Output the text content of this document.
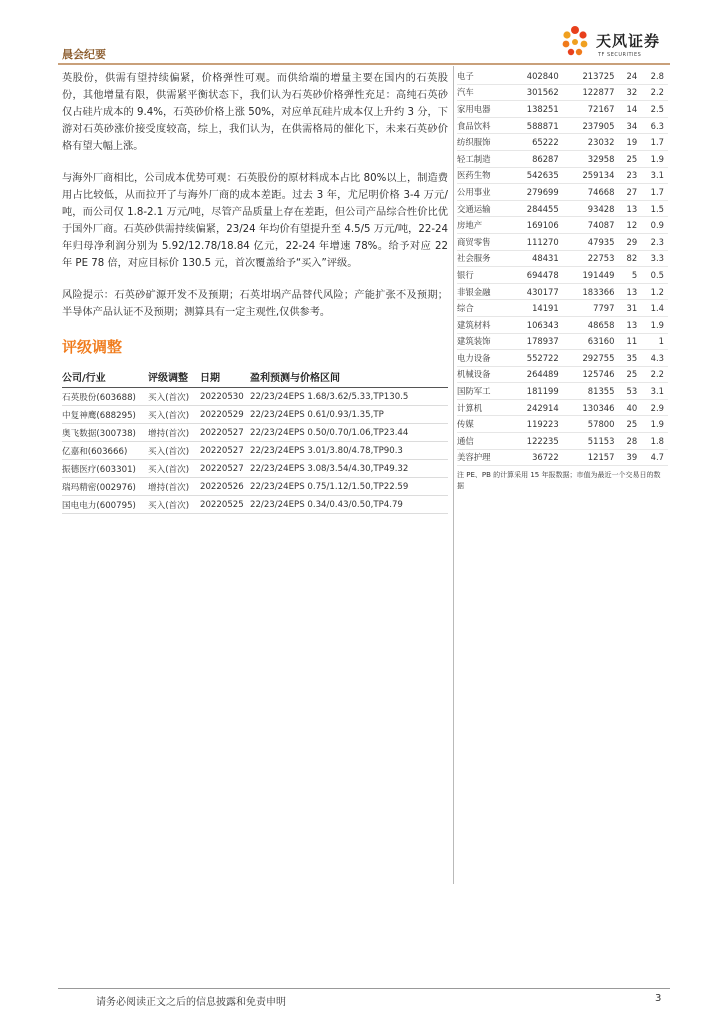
晨会纪要
天风证券
TF SECURITIES

英股份，供需有望持续偏紧，价格弹性可观。而供给端的增量主要在国内的石英股份，其他增量有限，供需紧平衡状态下，我们认为石英砂价格弹性充足：高纯石英砂仅占硅片成本的 9.4%，石英砂价格上涨 50%，对应单瓦硅片成本仅上升约 3 分，下游对石英砂涨价接受度较高，综上，我们认为，在供需格局的催化下，未来石英砂价格有望大幅上涨。

与海外厂商相比，公司成本优势可观：石英股份的原材料成本占比 80%以上，制造费用占比较低，从而拉开了与海外厂商的成本差距。过去 3 年，尤尼明价格 3-4 万元/吨，而公司仅 1.8-2.1 万元/吨，尽管产品质量上存在差距，但公司产品综合性价比优于国外厂商。石英砂供需持续偏紧，23/24 年均价有望提升至 4.5/5 万元/吨，22-24 年归母净利润分别为 5.92/12.78/18.84 亿元，22-24 年增速 78%。给予对应 22 年 PE 78 倍，对应目标价 130.5 元，首次覆盖给予“买入”评级。

风险提示：石英砂矿源开发不及预期；石英坩埚产品替代风险；产能扩张不及预期；半导体产品认证不及预期；测算具有一定主观性,仅供参考。

评级调整
公司/行业	评级调整	日期	盈利预测与价格区间
石英股份(603688)	买入(首次)	20220530	22/23/24EPS 1.68/3.62/5.33,TP130.5
中复神鹰(688295)	买入(首次)	20220529	22/23/24EPS 0.61/0.93/1.35,TP
奥飞数据(300738)	增持(首次)	20220527	22/23/24EPS 0.50/0.70/1.06,TP23.44
亿嘉和(603666)	买入(首次)	20220527	22/23/24EPS 3.01/3.80/4.78,TP90.3
振德医疗(603301)	买入(首次)	20220527	22/23/24EPS 3.08/3.54/4.30,TP49.32
瑞玛精密(002976)	增持(首次)	20220526	22/23/24EPS 0.75/1.12/1.50,TP22.59
国电电力(600795)	买入(首次)	20220525	22/23/24EPS 0.34/0.43/0.50,TP4.79
电子	402840	213725	24	2.8
汽车	301562	122877	32	2.2
家用电器	138251	72167	14	2.5
食品饮料	588871	237905	34	6.3
纺织服饰	65222	23032	19	1.7
轻工制造	86287	32958	25	1.9
医药生物	542635	259134	23	3.1
公用事业	279699	74668	27	1.7
交通运输	284455	93428	13	1.5
房地产	169106	74087	12	0.9
商贸零售	111270	47935	29	2.3
社会服务	48431	22753	82	3.3
银行	694478	191449	5	0.5
非银金融	430177	183366	13	1.2
综合	14191	7797	31	1.4
建筑材料	106343	48658	13	1.9
建筑装饰	178937	63160	11	1
电力设备	552722	292755	35	4.3
机械设备	264489	125746	25	2.2
国防军工	181199	81355	53	3.1
计算机	242914	130346	40	2.9
传媒	119223	57800	25	1.9
通信	122235	51153	28	1.8
美容护理	36722	12157	39	4.7
注 PE、PB 的计算采用 15 年报数据；市值为最近一个交易日的数据
请务必阅读正文之后的信息披露和免责申明	3
